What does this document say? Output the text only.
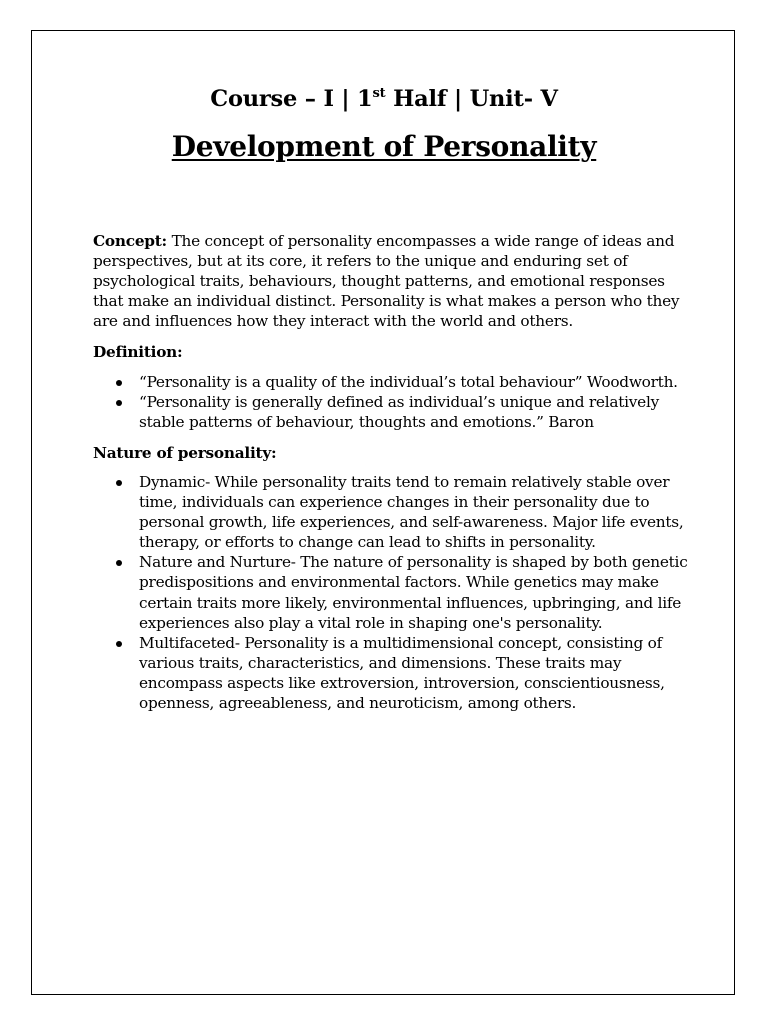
Course – I | 1st Half | Unit- V
Development of Personality

Concept: The concept of personality encompasses a wide range of ideas and perspectives, but at its core, it refers to the unique and enduring set of psychological traits, behaviours, thought patterns, and emotional responses that make an individual distinct. Personality is what makes a person who they are and influences how they interact with the world and others.

Definition:

“Personality is a quality of the individual’s total behaviour” Woodworth.
“Personality is generally defined as individual’s unique and relatively stable patterns of behaviour, thoughts and emotions.” Baron

Nature of personality:

Dynamic- While personality traits tend to remain relatively stable over time, individuals can experience changes in their personality due to personal growth, life experiences, and self-awareness. Major life events, therapy, or efforts to change can lead to shifts in personality.
Nature and Nurture- The nature of personality is shaped by both genetic predispositions and environmental factors. While genetics may make certain traits more likely, environmental influences, upbringing, and life experiences also play a vital role in shaping one's personality.
Multifaceted- Personality is a multidimensional concept, consisting of various traits, characteristics, and dimensions. These traits may encompass aspects like extroversion, introversion, conscientiousness, openness, agreeableness, and neuroticism, among others.
